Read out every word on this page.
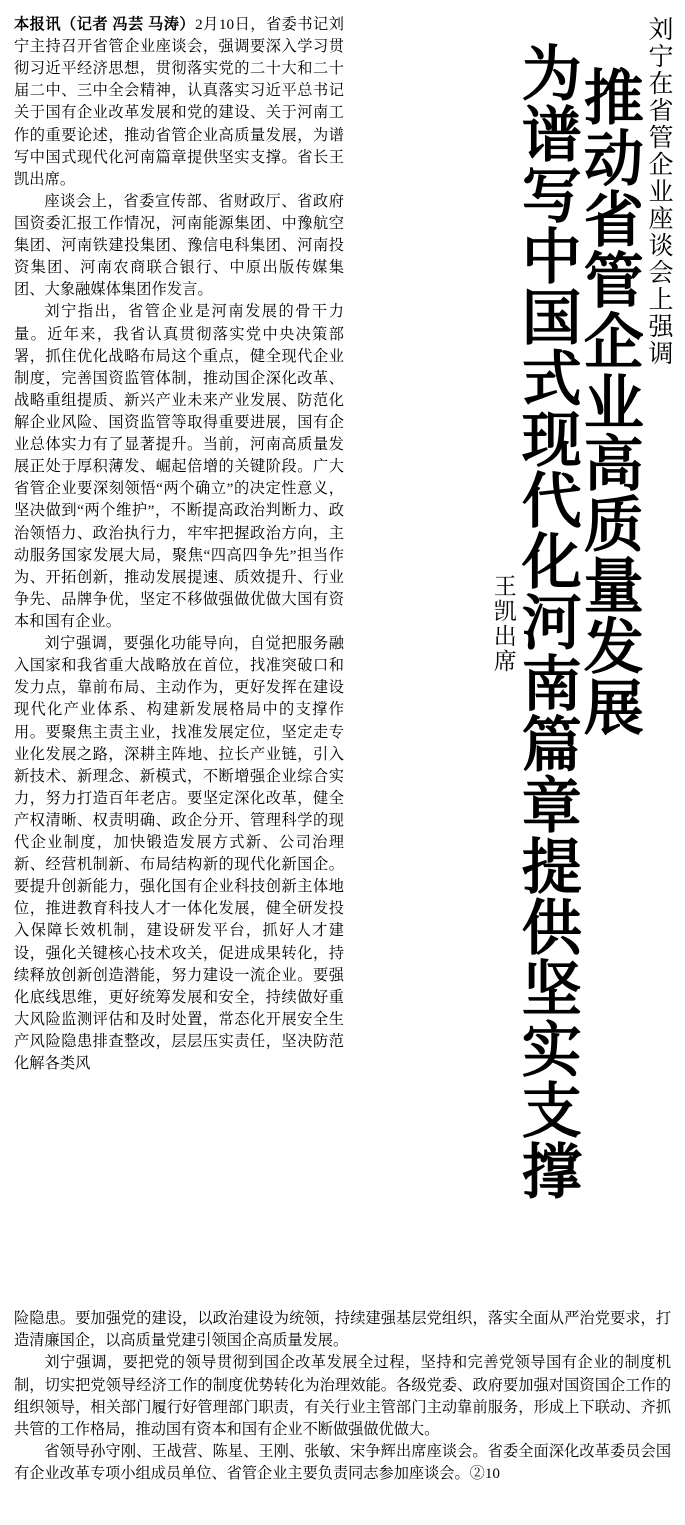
本报讯（记者 冯芸 马涛）2月10日，省委书记刘宁主持召开省管企业座谈会，强调要深入学习贯彻习近平经济思想，贯彻落实党的二十大和二十届二中、三中全会精神，认真落实习近平总书记关于国有企业改革发展和党的建设、关于河南工作的重要论述，推动省管企业高质量发展，为谱写中国式现代化河南篇章提供坚实支撑。省长王凯出席。

座谈会上，省委宣传部、省财政厅、省政府国资委汇报工作情况，河南能源集团、中豫航空集团、河南铁建投集团、豫信电科集团、河南投资集团、河南农商联合银行、中原出版传媒集团、大象融媒体集团作发言。

刘宁指出，省管企业是河南发展的骨干力量。近年来，我省认真贯彻落实党中央决策部署，抓住优化战略布局这个重点，健全现代企业制度，完善国资监管体制，推动国企深化改革、战略重组提质、新兴产业未来产业发展、防范化解企业风险、国资监管等取得重要进展，国有企业总体实力有了显著提升。当前，河南高质量发展正处于厚积薄发、崛起倍增的关键阶段。广大省管企业要深刻领悟“两个确立”的决定性意义，坚决做到“两个维护”，不断提高政治判断力、政治领悟力、政治执行力，牢牢把握政治方向，主动服务国家发展大局，聚焦“四高四争先”担当作为、开拓创新，推动发展提速、质效提升、行业争先、品牌争优，坚定不移做强做优做大国有资本和国有企业。

刘宁强调，要强化功能导向，自觉把服务融入国家和我省重大战略放在首位，找准突破口和发力点，靠前布局、主动作为，更好发挥在建设现代化产业体系、构建新发展格局中的支撑作用。要聚焦主责主业，找准发展定位，坚定走专业化发展之路，深耕主阵地、拉长产业链，引入新技术、新理念、新模式，不断增强企业综合实力，努力打造百年老店。要坚定深化改革，健全产权清晰、权责明确、政企分开、管理科学的现代企业制度，加快锻造发展方式新、公司治理新、经营机制新、布局结构新的现代化新国企。要提升创新能力，强化国有企业科技创新主体地位，推进教育科技人才一体化发展，健全研发投入保障长效机制，建设研发平台，抓好人才建设，强化关键核心技术攻关，促进成果转化，持续释放创新创造潜能，努力建设一流企业。要强化底线思维，更好统筹发展和安全，持续做好重大风险监测评估和及时处置，常态化开展安全生产风险隐患排查整改，层层压实责任，坚决防范化解各类风

刘宁在省管企业座谈会上强调
推动省管企业高质量发展
为谱写中国式现代化河南篇章提供坚实支撑
王凯出席

险隐患。要加强党的建设，以政治建设为统领，持续建强基层党组织，落实全面从严治党要求，打造清廉国企，以高质量党建引领国企高质量发展。

刘宁强调，要把党的领导贯彻到国企改革发展全过程，坚持和完善党领导国有企业的制度机制，切实把党领导经济工作的制度优势转化为治理效能。各级党委、政府要加强对国资国企工作的组织领导，相关部门履行好管理部门职责，有关行业主管部门主动靠前服务，形成上下联动、齐抓共管的工作格局，推动国有资本和国有企业不断做强做优做大。

省领导孙守刚、王战营、陈星、王刚、张敏、宋争辉出席座谈会。省委全面深化改革委员会国有企业改革专项小组成员单位、省管企业主要负责同志参加座谈会。②10
